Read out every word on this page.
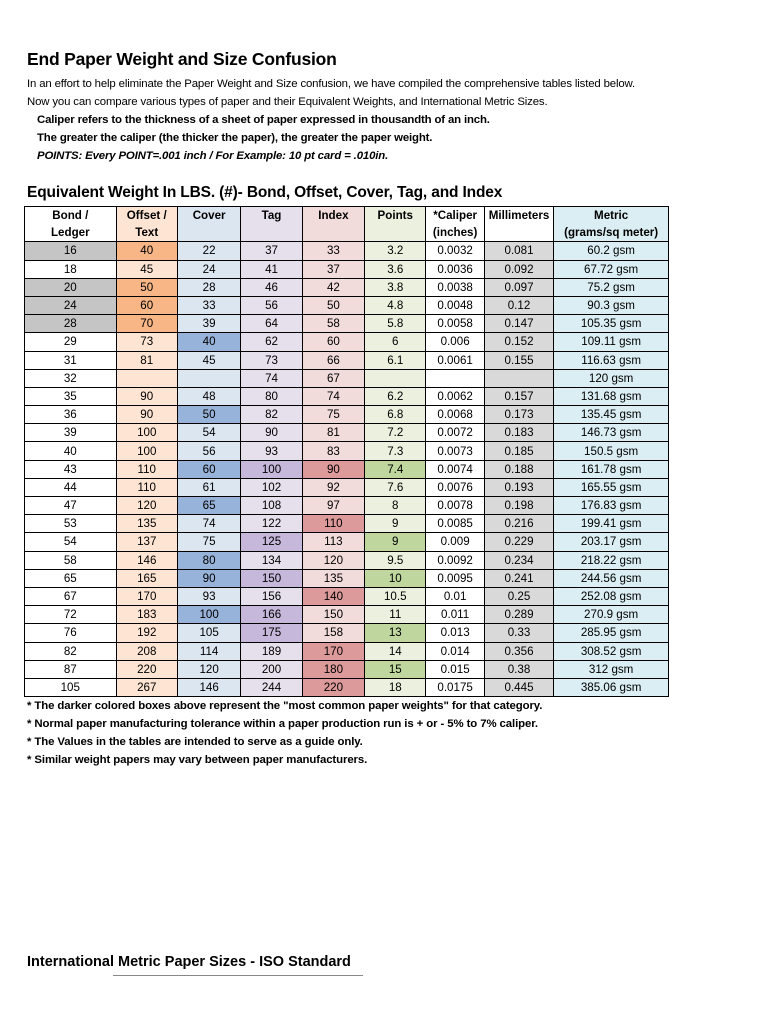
End Paper Weight and Size Confusion
In an effort to help eliminate the Paper Weight and Size confusion, we have compiled the comprehensive tables listed below.
Now you can compare various types of paper and their Equivalent Weights, and International Metric Sizes.
Caliper refers to the thickness of a sheet of paper expressed in thousandth of an inch.
The greater the caliper (the thicker the paper), the greater the paper weight.
POINTS: Every POINT=.001 inch / For Example: 10 pt card = .010in.
Equivalent Weight In LBS. (#)- Bond, Offset, Cover, Tag, and Index
Bond /	Offset /	Cover	Tag	Index	Points	*Caliper	Millimeters	Metric
Ledger	Text					(inches)		(grams/sq meter)
16	40	22	37	33	3.2	0.0032	0.081	60.2 gsm
18	45	24	41	37	3.6	0.0036	0.092	67.72 gsm
20	50	28	46	42	3.8	0.0038	0.097	75.2 gsm
24	60	33	56	50	4.8	0.0048	0.12	90.3 gsm
28	70	39	64	58	5.8	0.0058	0.147	105.35 gsm
29	73	40	62	60	6	0.006	0.152	109.11 gsm
31	81	45	73	66	6.1	0.0061	0.155	116.63 gsm
32			74	67				120 gsm
35	90	48	80	74	6.2	0.0062	0.157	131.68 gsm
36	90	50	82	75	6.8	0.0068	0.173	135.45 gsm
39	100	54	90	81	7.2	0.0072	0.183	146.73 gsm
40	100	56	93	83	7.3	0.0073	0.185	150.5 gsm
43	110	60	100	90	7.4	0.0074	0.188	161.78 gsm
44	110	61	102	92	7.6	0.0076	0.193	165.55 gsm
47	120	65	108	97	8	0.0078	0.198	176.83 gsm
53	135	74	122	110	9	0.0085	0.216	199.41 gsm
54	137	75	125	113	9	0.009	0.229	203.17 gsm
58	146	80	134	120	9.5	0.0092	0.234	218.22 gsm
65	165	90	150	135	10	0.0095	0.241	244.56 gsm
67	170	93	156	140	10.5	0.01	0.25	252.08 gsm
72	183	100	166	150	11	0.011	0.289	270.9 gsm
76	192	105	175	158	13	0.013	0.33	285.95 gsm
82	208	114	189	170	14	0.014	0.356	308.52 gsm
87	220	120	200	180	15	0.015	0.38	312 gsm
105	267	146	244	220	18	0.0175	0.445	385.06 gsm
* The darker colored boxes above represent the "most common paper weights" for that category.
* Normal paper manufacturing tolerance within a paper production run is + or - 5% to 7% caliper.
* The Values in the tables are intended to serve as a guide only.
* Similar weight papers may vary between paper manufacturers.
International Metric Paper Sizes - ISO Standard
